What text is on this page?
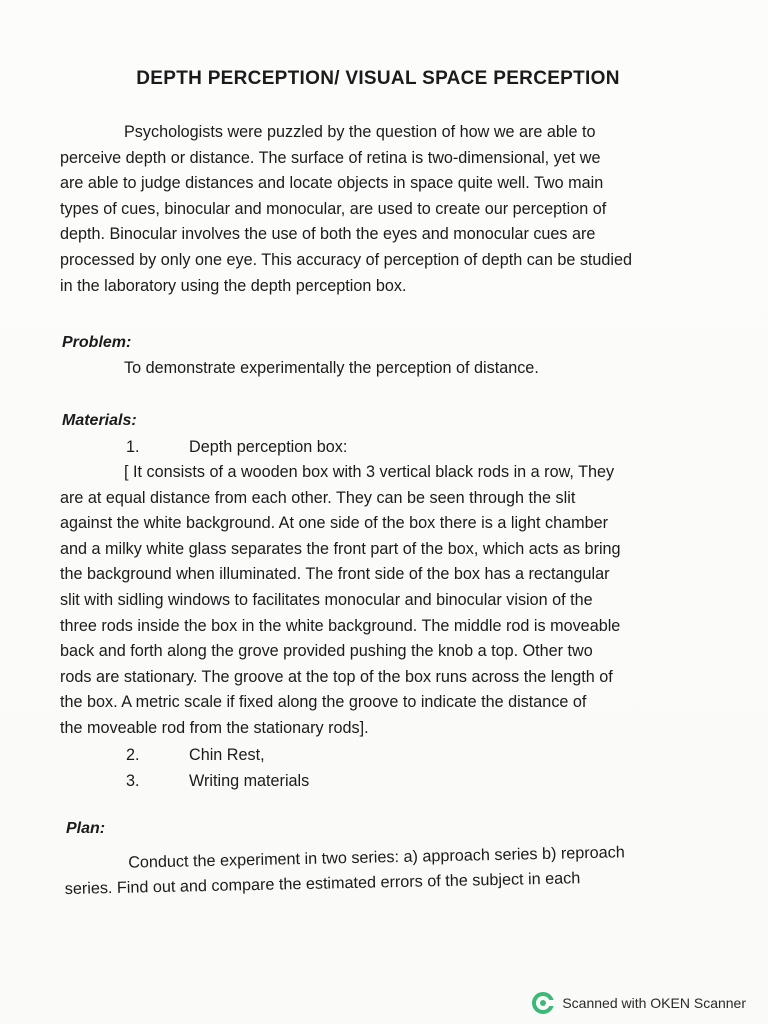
DEPTH PERCEPTION/ VISUAL SPACE PERCEPTION

Psychologists were puzzled by the question of how we are able to
perceive depth or distance. The surface of retina is two-dimensional, yet we
are able to judge distances and locate objects in space quite well. Two main
types of cues, binocular and monocular, are used to create our perception of
depth. Binocular involves the use of both the eyes and monocular cues are
processed by only one eye. This accuracy of perception of depth can be studied
in the laboratory using the depth perception box.

Problem:

To demonstrate experimentally the perception of distance.

Materials:

1.	Depth perception box:

[ It consists of a wooden box with 3 vertical black rods in a row, They
are at equal distance from each other. They can be seen through the slit
against the white background. At one side of the box there is a light chamber
and a milky white glass separates the front part of the box, which acts as bring
the background when illuminated. The front side of the box has a rectangular
slit with sidling windows to facilitates monocular and binocular vision of the
three rods inside the box in the white background. The middle rod is moveable
back and forth along the grove provided pushing the knob a top. Other two
rods are stationary. The groove at the top of the box runs across the length of
the box. A metric scale if fixed along the groove to indicate the distance of
the moveable rod from the stationary rods].

2.	Chin Rest,

3.	Writing materials

Plan:

Conduct the experiment in two series: a) approach series b) reproach
series. Find out and compare the estimated errors of the subject in each

Scanned with OKEN Scanner
